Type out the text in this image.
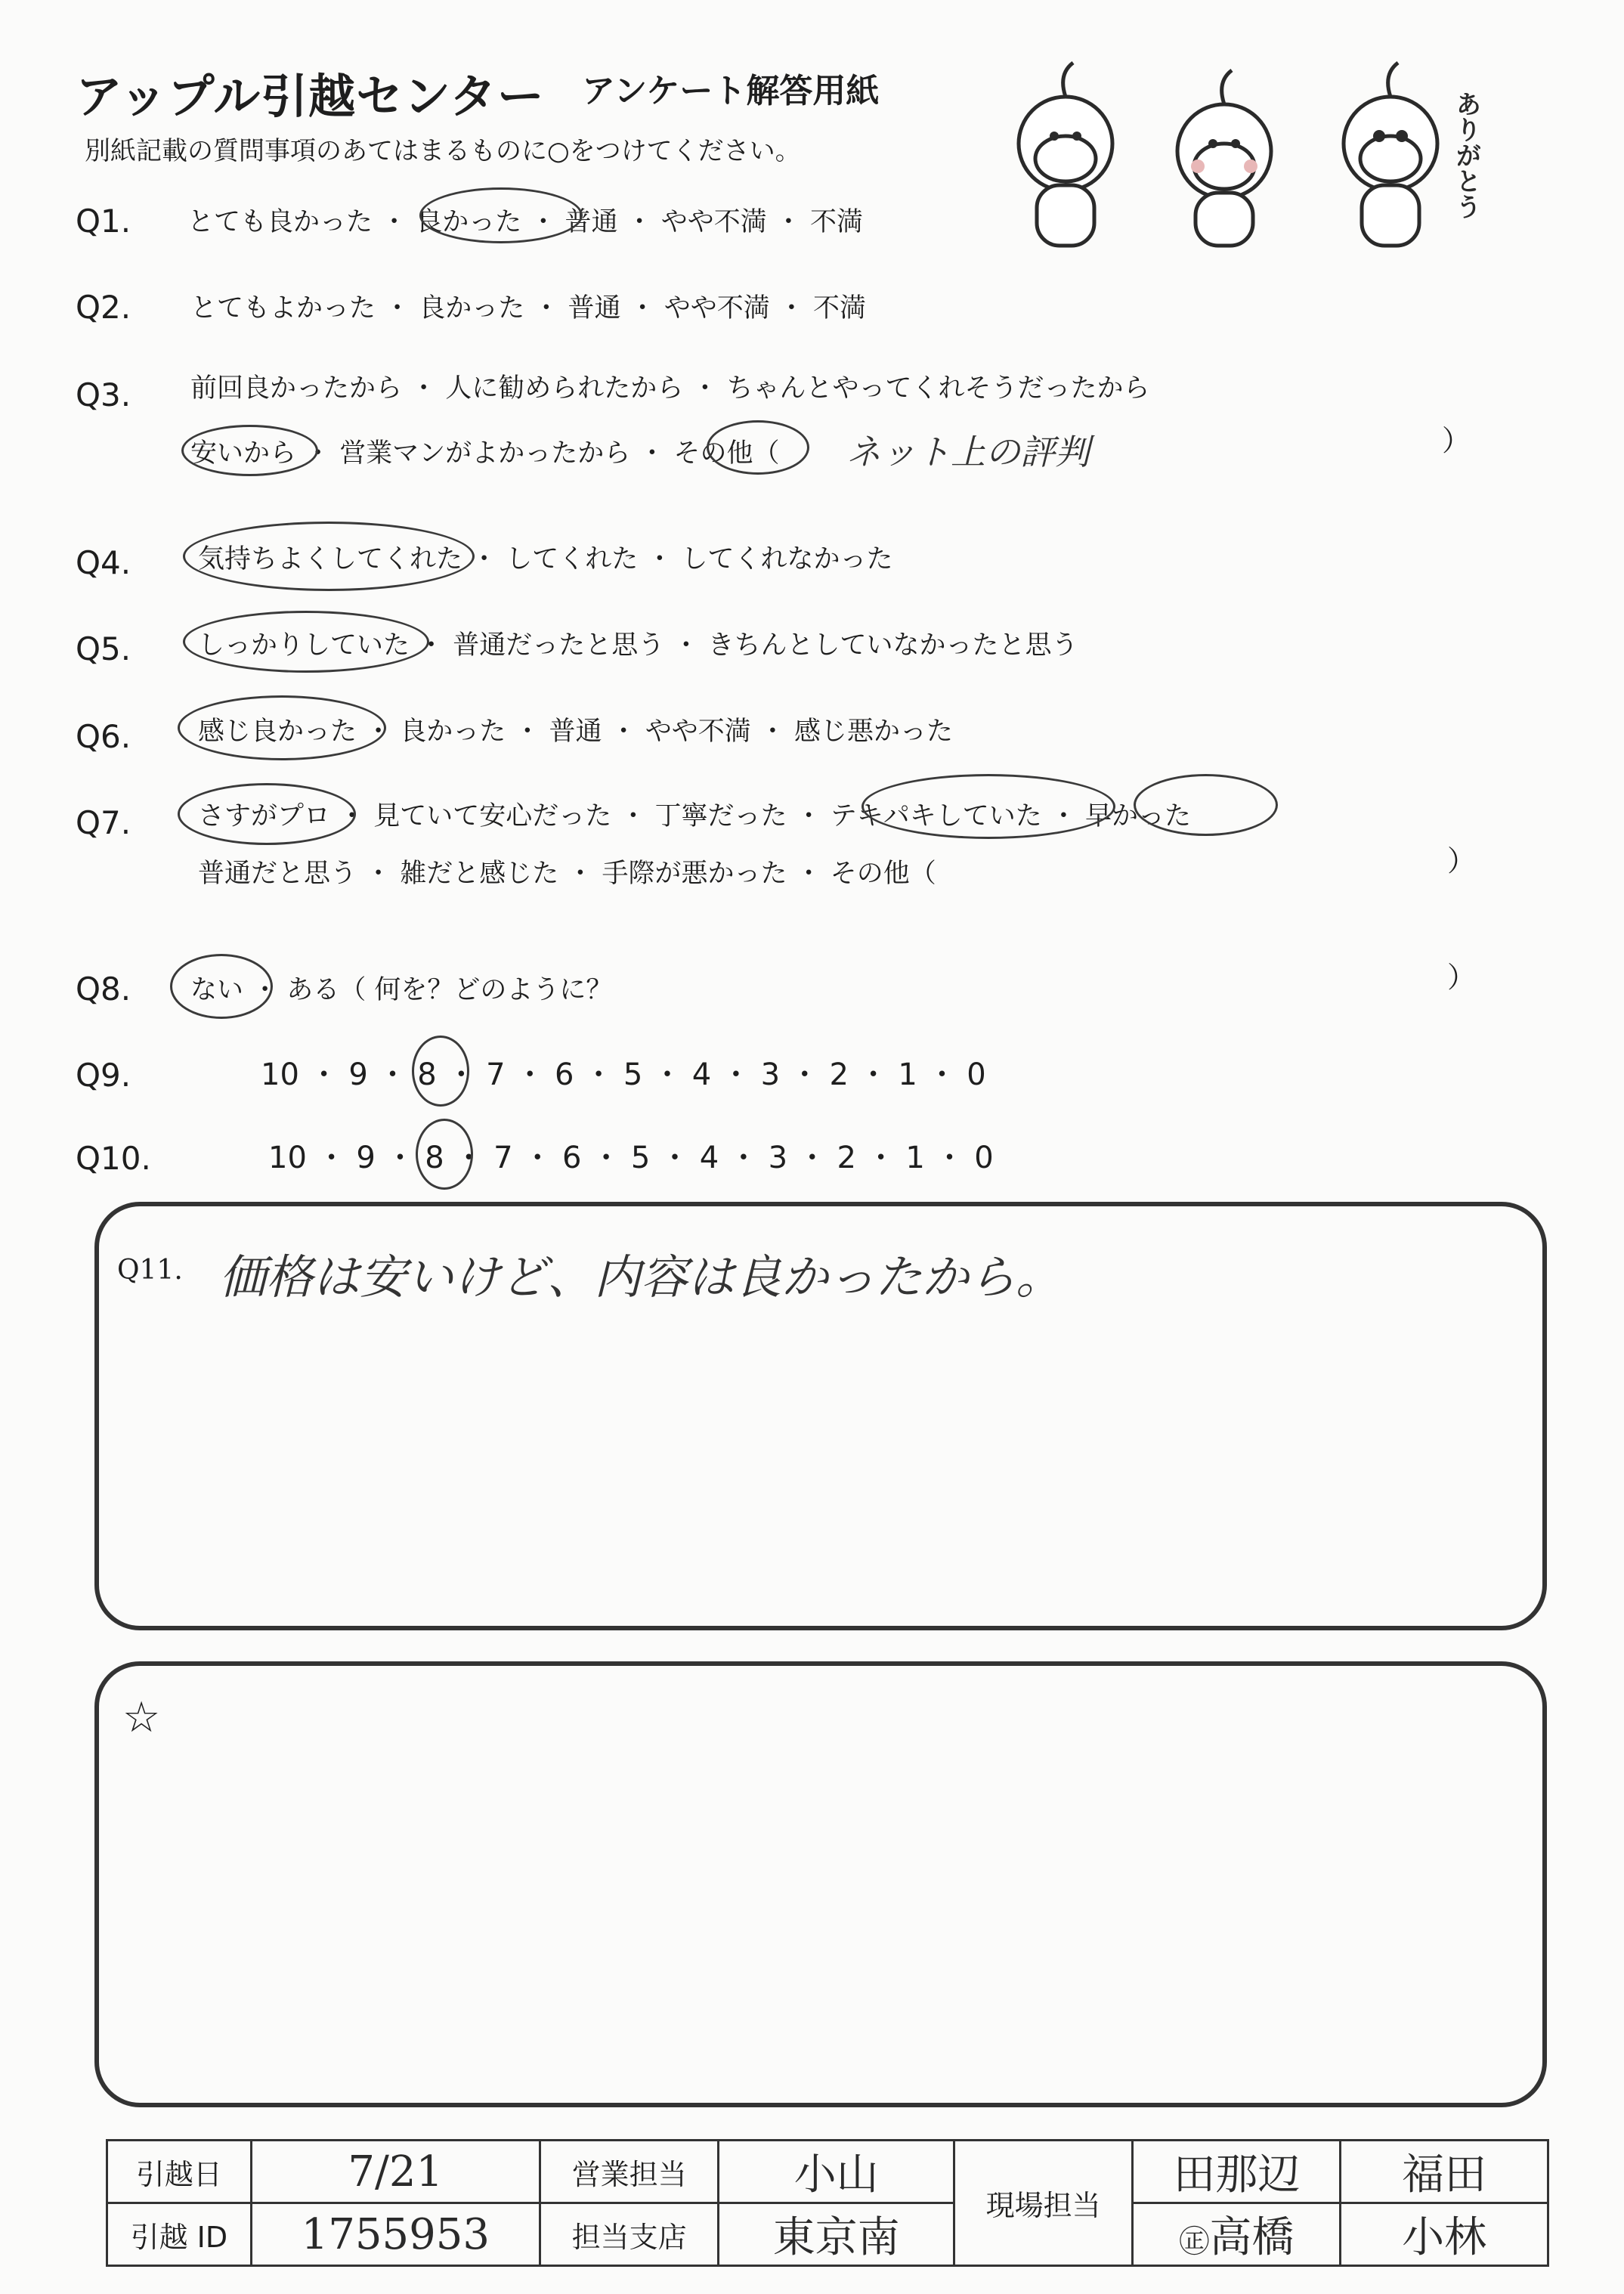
アップル引越センター アンケート解答用紙
別紙記載の質問事項のあてはまるものに○をつけてください。	ありがとう
Q1. とても良かった ・ 良かった ・ 普通 ・ やや不満 ・ 不満
Q2. とてもよかった ・ 良かった ・ 普通 ・ やや不満 ・ 不満
Q3. 前回良かったから ・ 人に勧められたから ・ ちゃんとやってくれそうだったから
安いから ・ 営業マンがよかったから ・ その他（ ネット上の評判	）
Q4.	気持ちよくしてくれた ・ してくれた ・ してくれなかった
Q5.	しっかりしていた ・ 普通だったと思う ・ きちんとしていなかったと思う
Q6.	感じ良かった ・ 良かった ・ 普通 ・ やや不満 ・ 感じ悪かった
Q7.	さすがプロ ・ 見ていて安心だった ・ 丁寧だった ・ テキパキしていた ・ 早かった
普通だと思う ・ 雑だと感じた ・ 手際が悪かった ・ その他（	）
Q8. ない ・ ある（ 何を？どのように？	）
Q9.	10 ・ 9 ・ 8 ・ 7 ・ 6 ・ 5 ・ 4 ・ 3 ・ 2 ・ 1 ・ 0
Q10.	10 ・ 9 ・ 8 ・ 7 ・ 6 ・ 5 ・ 4 ・ 3 ・ 2 ・ 1 ・ 0
Q11. 価格は安いけど、内容は良かったから。
☆
引越日	7/21	営業担当	小山	現場担当	田那辺	福田
引越 ID	1755953	担当支店	東京南		㊣高橋	小林
